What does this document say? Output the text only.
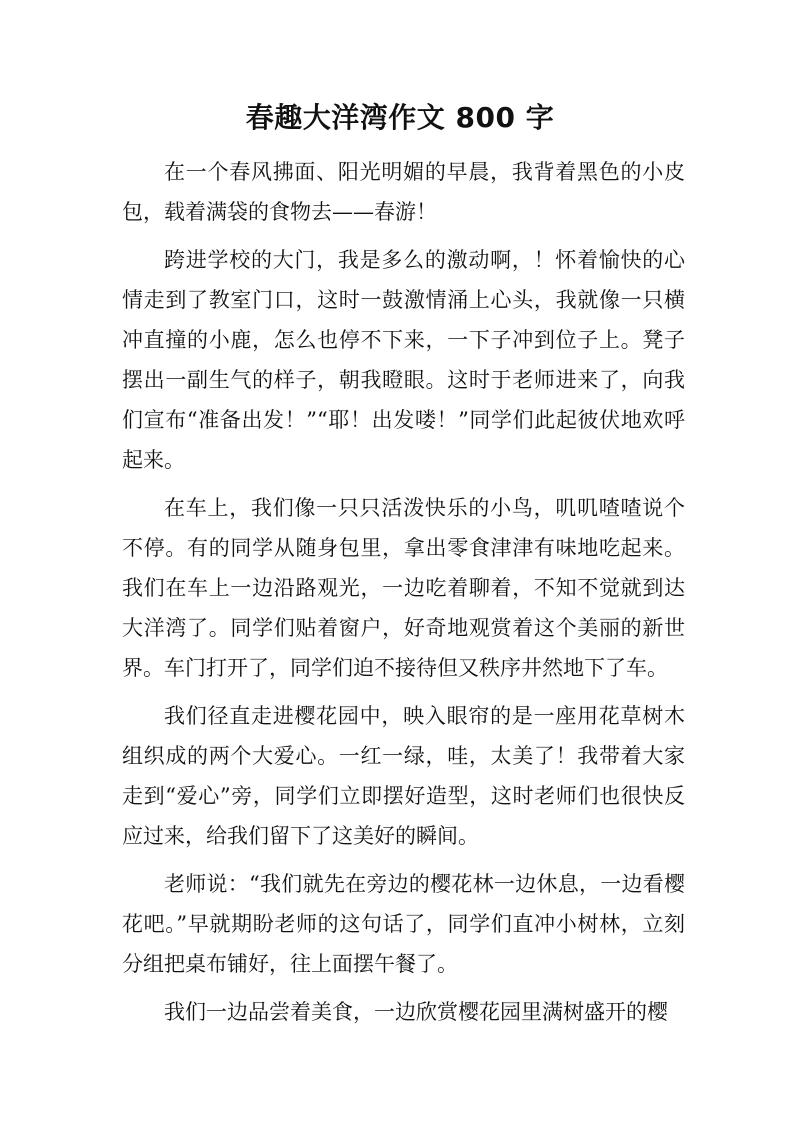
春趣大洋湾作文 800 字

在一个春风拂面、阳光明媚的早晨，我背着黑色的小皮包，载着满袋的食物去——春游！

跨进学校的大门，我是多么的激动啊，！怀着愉快的心情走到了教室门口，这时一鼓激情涌上心头，我就像一只横冲直撞的小鹿，怎么也停不下来，一下子冲到位子上。凳子摆出一副生气的样子，朝我瞪眼。这时于老师进来了，向我们宣布“准备出发！”“耶！出发喽！”同学们此起彼伏地欢呼起来。

在车上，我们像一只只活泼快乐的小鸟，叽叽喳喳说个不停。有的同学从随身包里，拿出零食津津有味地吃起来。我们在车上一边沿路观光，一边吃着聊着，不知不觉就到达大洋湾了。同学们贴着窗户，好奇地观赏着这个美丽的新世界。车门打开了，同学们迫不接待但又秩序井然地下了车。

我们径直走进樱花园中，映入眼帘的是一座用花草树木组织成的两个大爱心。一红一绿，哇，太美了！我带着大家走到“爱心”旁，同学们立即摆好造型，这时老师们也很快反应过来，给我们留下了这美好的瞬间。

老师说：“我们就先在旁边的樱花林一边休息，一边看樱花吧。”早就期盼老师的这句话了，同学们直冲小树林，立刻分组把桌布铺好，往上面摆午餐了。

我们一边品尝着美食，一边欣赏樱花园里满树盛开的樱
